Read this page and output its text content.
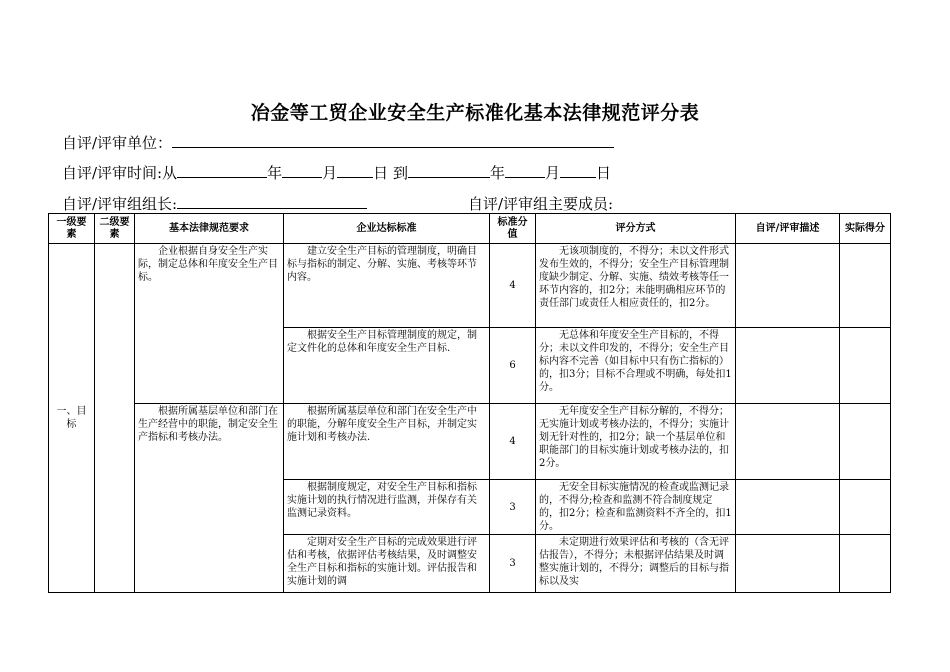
冶金等工贸企业安全生产标准化基本法律规范评分表
自评/评审单位：
自评/评审时间:从	年	月 日 到	年	月 日
自评/评审组组长:	自评/评审组主要成员:
一级要素	二级要素	基本法律规范要求	企业达标标准	标准分值	评分方式	自评/评审描述	实际得分
一、目标		企业根据自身安全生产实际，制定总体和年度安全生产目标。	建立安全生产目标的管理制度，明确目标与指标的制定、分解、实施、考核等环节内容。	4	无该项制度的，不得分；未以文件形式发布生效的，不得分；安全生产目标管理制度缺少制定、分解、实施、绩效考核等任一环节内容的，扣2分；未能明确相应环节的责任部门或责任人相应责任的，扣2分。		
			根据安全生产目标管理制度的规定，制定文件化的总体和年度安全生产目标.	6	无总体和年度安全生产目标的，不得分；未以文件印发的，不得分；安全生产目标内容不完善（如目标中只有伤亡指标的）的，扣3分；目标不合理或不明确，每处扣1分。		
		根据所属基层单位和部门在生产经营中的职能，制定安全生产指标和考核办法。	根据所属基层单位和部门在安全生产中的职能，分解年度安全生产目标，并制定实施计划和考核办法.	4	无年度安全生产目标分解的，不得分；无实施计划或考核办法的，不得分；实施计划无针对性的，扣2分；缺一个基层单位和职能部门的目标实施计划或考核办法的，扣2分。		
			根据制度规定，对安全生产目标和指标实施计划的执行情况进行监测，并保存有关监测记录资料。	3	无安全目标实施情况的检查或监测记录的，不得分;检查和监测不符合制度规定的，扣2分；检查和监测资料不齐全的，扣1分。		

			定期对安全生产目标的完成效果进行评估和考核，依据评估考核结果，及时调整安全生产目标和指标的实施计划。评估报告和实施计划的调	3	未定期进行效果评估和考核的（含无评估报告），不得分；未根据评估结果及时调整实施计划的，不得分；调整后的目标与指标以及实		
